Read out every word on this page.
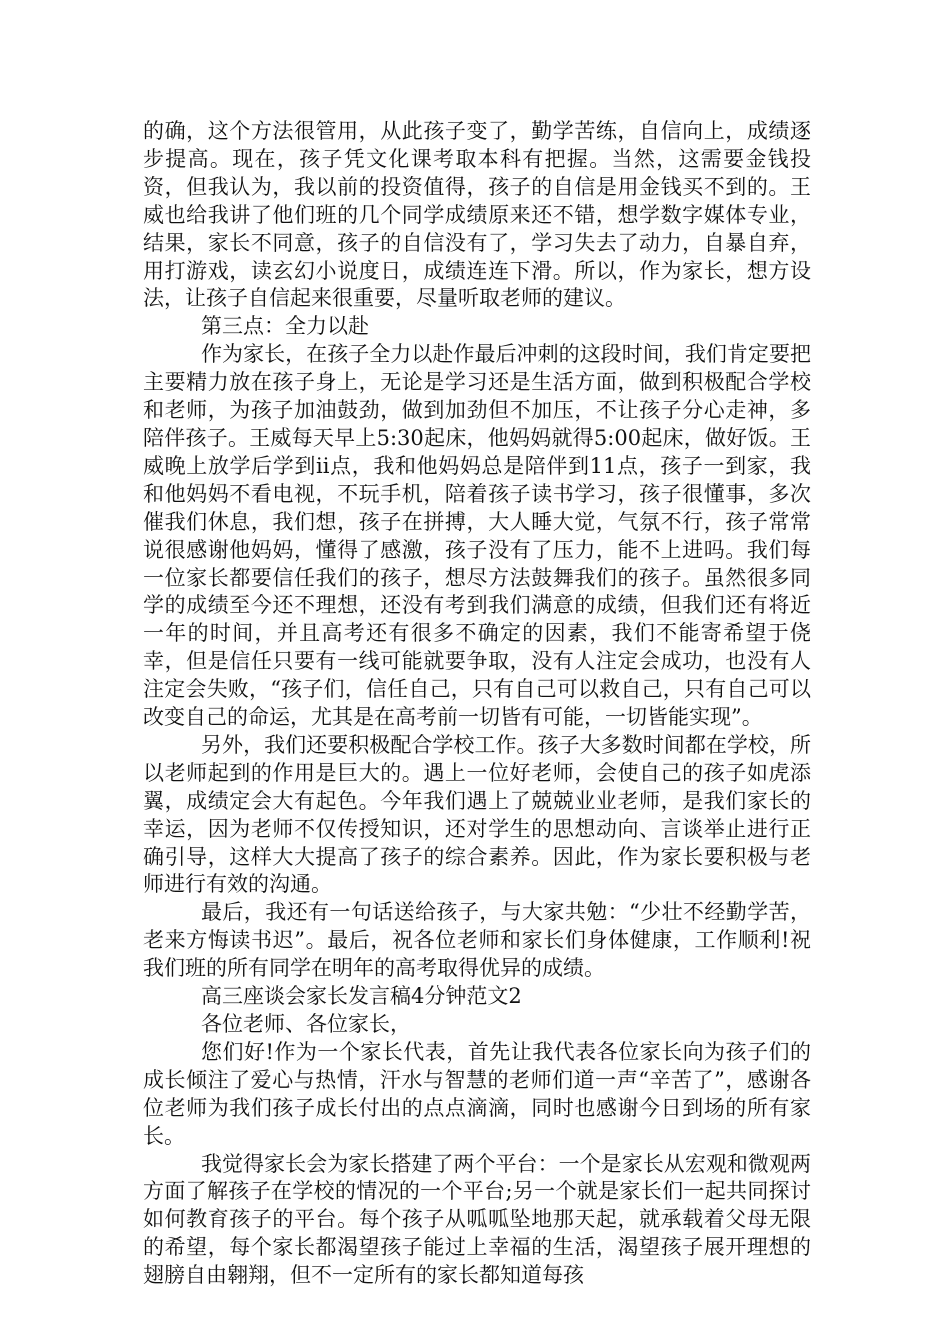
的确，这个方法很管用，从此孩子变了，勤学苦练，自信向上，成绩逐步提高。现在，孩子凭文化课考取本科有把握。当然，这需要金钱投资，但我认为，我以前的投资值得，孩子的自信是用金钱买不到的。王威也给我讲了他们班的几个同学成绩原来还不错，想学数字媒体专业，结果，家长不同意，孩子的自信没有了，学习失去了动力，自暴自弃，用打游戏，读玄幻小说度日，成绩连连下滑。所以，作为家长，想方设法，让孩子自信起来很重要，尽量听取老师的建议。

第三点：全力以赴

作为家长，在孩子全力以赴作最后冲刺的这段时间，我们肯定要把主要精力放在孩子身上，无论是学习还是生活方面，做到积极配合学校和老师，为孩子加油鼓劲，做到加劲但不加压，不让孩子分心走神，多陪伴孩子。王威每天早上5:30起床，他妈妈就得5:00起床，做好饭。王威晚上放学后学到ii点，我和他妈妈总是陪伴到11点，孩子一到家，我和他妈妈不看电视，不玩手机，陪着孩子读书学习，孩子很懂事，多次催我们休息，我们想，孩子在拼搏，大人睡大觉，气氛不行，孩子常常说很感谢他妈妈，懂得了感激，孩子没有了压力，能不上进吗。我们每一位家长都要信任我们的孩子，想尽方法鼓舞我们的孩子。虽然很多同学的成绩至今还不理想，还没有考到我们满意的成绩，但我们还有将近一年的时间，并且高考还有很多不确定的因素，我们不能寄希望于侥幸，但是信任只要有一线可能就要争取，没有人注定会成功，也没有人注定会失败，“孩子们，信任自己，只有自己可以救自己，只有自己可以改变自己的命运，尤其是在高考前一切皆有可能，一切皆能实现”。

另外，我们还要积极配合学校工作。孩子大多数时间都在学校，所以老师起到的作用是巨大的。遇上一位好老师，会使自己的孩子如虎添翼，成绩定会大有起色。今年我们遇上了兢兢业业老师，是我们家长的幸运，因为老师不仅传授知识，还对学生的思想动向、言谈举止进行正确引导，这样大大提高了孩子的综合素养。因此，作为家长要积极与老师进行有效的沟通。

最后，我还有一句话送给孩子，与大家共勉：“少壮不经勤学苦，老来方悔读书迟”。最后，祝各位老师和家长们身体健康，工作顺利!祝我们班的所有同学在明年的高考取得优异的成绩。

高三座谈会家长发言稿4分钟范文2

各位老师、各位家长，

您们好!作为一个家长代表，首先让我代表各位家长向为孩子们的成长倾注了爱心与热情，汗水与智慧的老师们道一声“辛苦了”，感谢各位老师为我们孩子成长付出的点点滴滴，同时也感谢今日到场的所有家长。

我觉得家长会为家长搭建了两个平台：一个是家长从宏观和微观两方面了解孩子在学校的情况的一个平台;另一个就是家长们一起共同探讨如何教育孩子的平台。每个孩子从呱呱坠地那天起，就承载着父母无限的希望，每个家长都渴望孩子能过上幸福的生活，渴望孩子展开理想的翅膀自由翱翔，但不一定所有的家长都知道每孩
